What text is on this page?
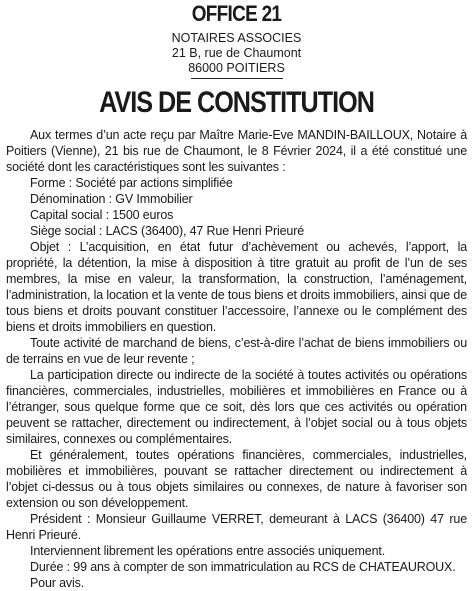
OFFICE 21
NOTAIRES ASSOCIES
21 B, rue de Chaumont
86000 POITIERS
AVIS DE CONSTITUTION

Aux termes d’un acte reçu par Maître Marie-Eve MANDIN-BAILLOUX, Notaire à Poitiers (Vienne), 21 bis rue de Chaumont, le 8 Février 2024, il a été constitué une société dont les caractéristiques sont les suivantes :

Forme : Société par actions simplifiée

Dénomination : GV Immobilier

Capital social : 1500 euros

Siège social : LACS (36400), 47 Rue Henri Prieuré

Objet : L’acquisition, en état futur d’achèvement ou achevés, l’apport, la propriété, la détention, la mise à disposition à titre gratuit au profit de l’un de ses membres, la mise en valeur, la transformation, la construction, l’aménagement, l’administration, la location et la vente de tous biens et droits immobiliers, ainsi que de tous biens et droits pouvant constituer l’accessoire, l’annexe ou le complément des biens et droits immobiliers en question.

Toute activité de marchand de biens, c’est-à-dire l’achat de biens immobiliers ou de terrains en vue de leur revente ;

La participation directe ou indirecte de la société à toutes activités ou opérations financières, commerciales, industrielles, mobilières et immobilières en France ou à l’étranger, sous quelque forme que ce soit, dès lors que ces activités ou opération peuvent se rattacher, directement ou indirectement, à l’objet social ou à tous objets similaires, connexes ou complémentaires.

Et généralement, toutes opérations financières, commerciales, industrielles, mobilières et immobilières, pouvant se rattacher directement ou indirectement à l’objet ci-dessus ou à tous objets similaires ou connexes, de nature à favoriser son extension ou son développement.

Président : Monsieur Guillaume VERRET, demeurant à LACS (36400) 47 rue Henri Prieuré.

Interviennent librement les opérations entre associés uniquement.

Durée : 99 ans à compter de son immatriculation au RCS de CHATEAUROUX.

Pour avis.
